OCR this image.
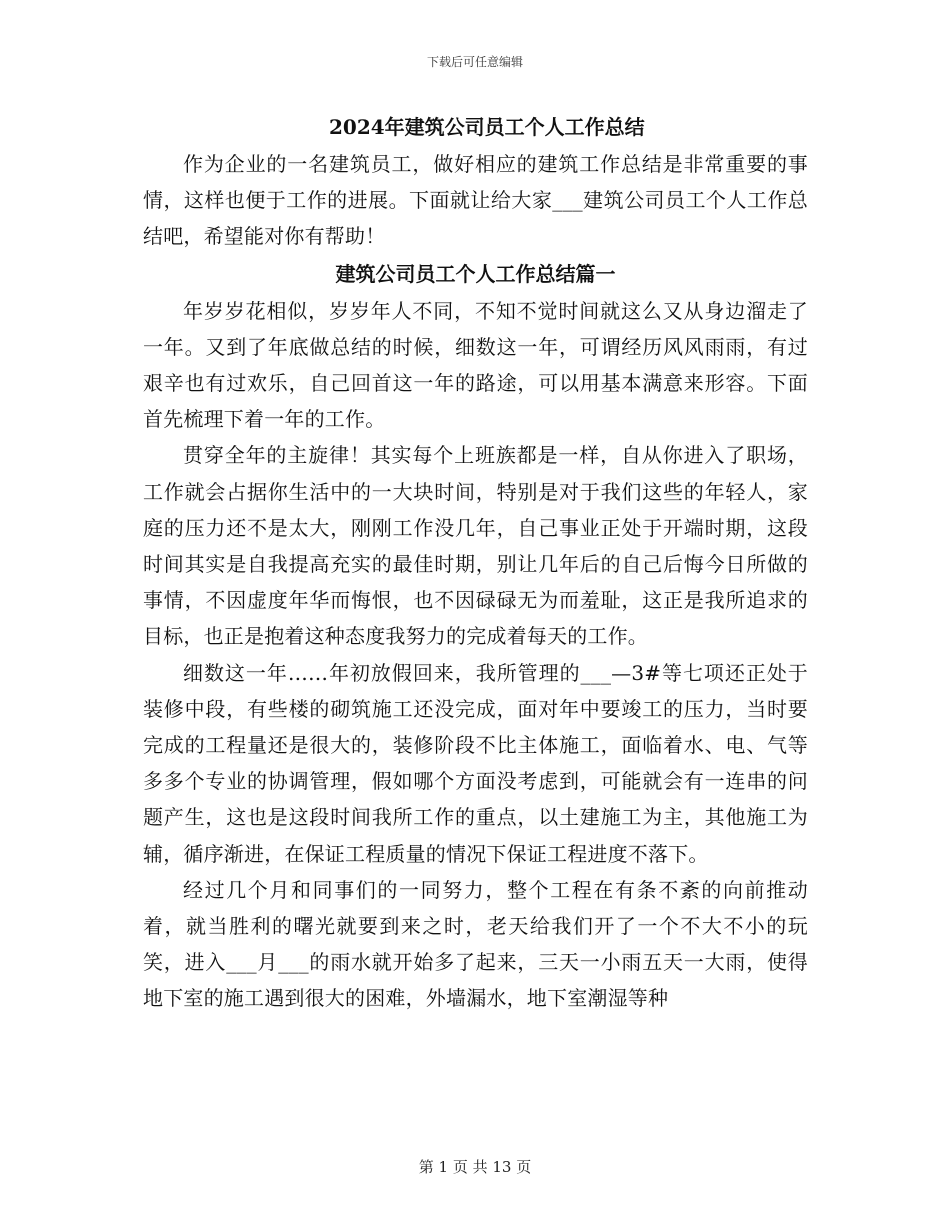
下载后可任意编辑
2024年建筑公司员工个人工作总结

作为企业的一名建筑员工，做好相应的建筑工作总结是非常重要的事情，这样也便于工作的进展。下面就让给大家___建筑公司员工个人工作总结吧，希望能对你有帮助！

建筑公司员工个人工作总结篇一

年岁岁花相似，岁岁年人不同，不知不觉时间就这么又从身边溜走了一年。又到了年底做总结的时候，细数这一年，可谓经历风风雨雨，有过艰辛也有过欢乐，自己回首这一年的路途，可以用基本满意来形容。下面首先梳理下着一年的工作。

贯穿全年的主旋律！其实每个上班族都是一样，自从你进入了职场，工作就会占据你生活中的一大块时间，特别是对于我们这些的年轻人，家庭的压力还不是太大，刚刚工作没几年，自己事业正处于开端时期，这段时间其实是自我提高充实的最佳时期，别让几年后的自己后悔今日所做的事情，不因虚度年华而悔恨，也不因碌碌无为而羞耻，这正是我所追求的目标，也正是抱着这种态度我努力的完成着每天的工作。

细数这一年……年初放假回来，我所管理的___—3#等七项还正处于装修中段，有些楼的砌筑施工还没完成，面对年中要竣工的压力，当时要完成的工程量还是很大的，装修阶段不比主体施工，面临着水、电、气等多多个专业的协调管理，假如哪个方面没考虑到，可能就会有一连串的问题产生，这也是这段时间我所工作的重点，以土建施工为主，其他施工为辅，循序渐进，在保证工程质量的情况下保证工程进度不落下。

经过几个月和同事们的一同努力，整个工程在有条不紊的向前推动着，就当胜利的曙光就要到来之时，老天给我们开了一个不大不小的玩笑，进入___月___的雨水就开始多了起来，三天一小雨五天一大雨，使得地下室的施工遇到很大的困难，外墙漏水，地下室潮湿等种

第 1 页 共 13 页
